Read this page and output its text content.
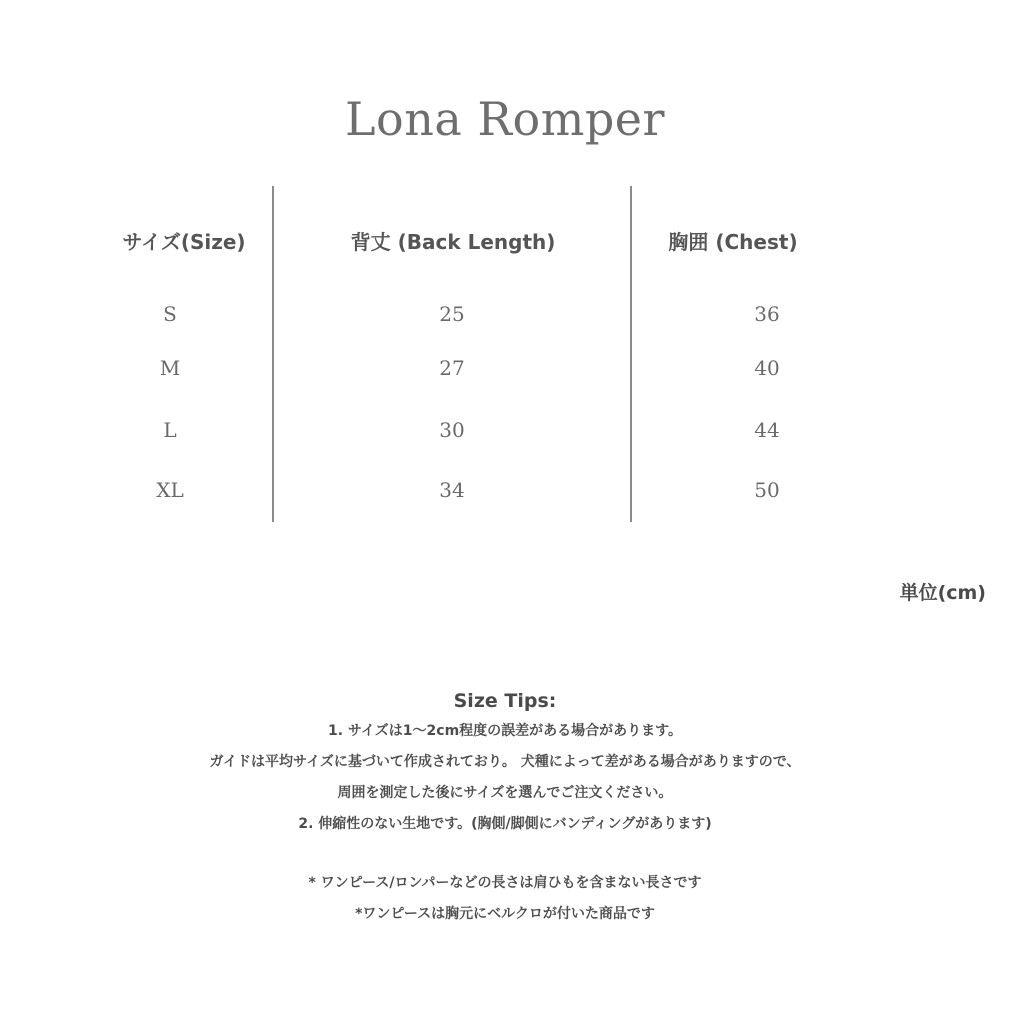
Lona Romper
サイズ(Size)	背丈 (Back Length)	胸囲 (Chest)
S	25	36
M	27	40
L	30	44
XL	34	50
単位(cm)
Size Tips:
1. サイズは1～2cm程度の誤差がある場合があります。
ガイドは平均サイズに基づいて作成されており。 犬種によって差がある場合がありますので、
周囲を測定した後にサイズを選んでご注文ください。
2. 伸縮性のない生地です。(胸側/脚側にバンディングがあります)
* ワンピース/ロンパーなどの長さは肩ひもを含まない長さです
*ワンピースは胸元にベルクロが付いた商品です
